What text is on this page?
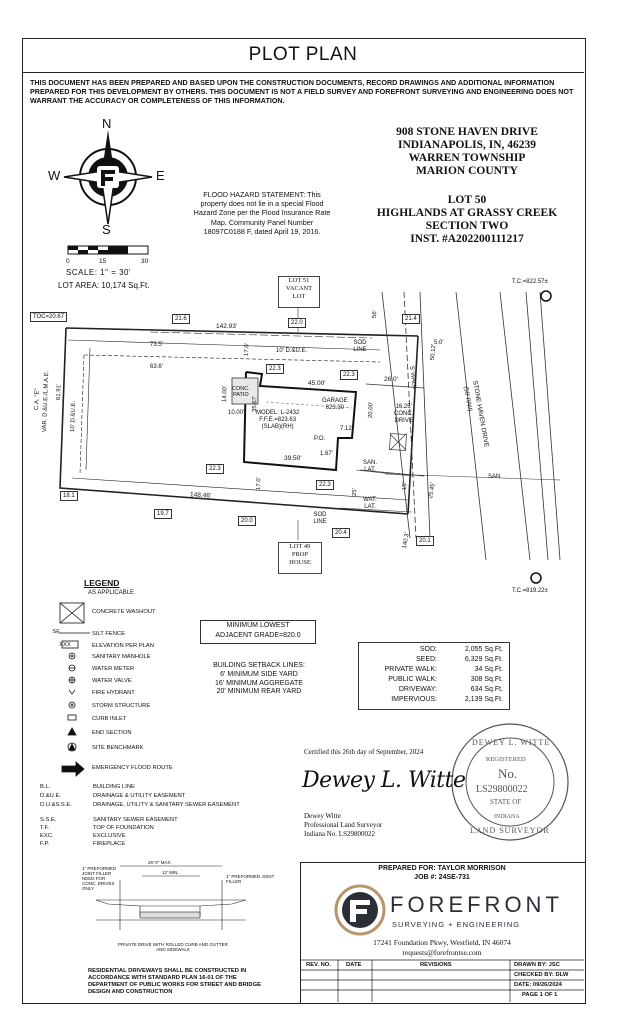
PLOT PLAN
THIS DOCUMENT HAS BEEN PREPARED AND BASED UPON THE CONSTRUCTION DOCUMENTS, RECORD DRAWINGS AND ADDITIONAL INFORMATION PREPARED FOR THIS DEVELOPMENT BY OTHERS. THIS DOCUMENT IS NOT A FIELD SURVEY AND FOREFRONT SURVEYING AND ENGINEERING DOES NOT WARRANT THE ACCURACY OR COMPLETENESS OF THIS INFORMATION.
908 STONE HAVEN DRIVE
INDIANAPOLIS, IN, 46239
WARREN TOWNSHIP
MARION COUNTY
LOT 50
HIGHLANDS AT GRASSY CREEK
SECTION TWO
INST. #A202200111217
FLOOD HAZARD STATEMENT: This
property does not lie in a special Flood
Hazard Zone per the Flood Insurance Rate
Map, Community Panel Number
18097C0188 F, dated April 19, 2016.
0	15	30
SCALE: 1" = 30'
LOT AREA: 10,174 Sq.Ft.
N
S
E
W
LOT 51
VACANT
LOT
LOT 49
PROP
HOUSE
TOC=20.67
T.C.=822.57±
T.C.=819.22±
STONE HAVEN DRIVE
(50' R/W)
21.6
22.0
21.4
22.3
22.3
22.3
22.3
18.1
19.7
20.0
20.4
20.1
142.93'
148.46'
73.5'
63.6'
61.91'
56'
5.0'
26.0'
45.00'
39.50'
35.67'
14.00'
10.00'
17.0'
17.0'
20.00'
7.12'
1.67'
25.45'
50.12'
140.3'
25'
15'
CONC.
PATIO
GARAGE
823.30
MODEL: L-2432
F.F.E.=823.63
(SLAB)(RH)
16.25'
CONC.
DRIVE
10' D.&U.E.
10' D.&U.E.
C.A. "E" VAR. D.&U.E./L.M.A.E.
SOD LINE
SOD LINE
SAN. LAT.
WAT. LAT.
SAN
5' WALK
P.O.
LEGEND
AS APPLICABLE
CONCRETE WASHOUT
SF	SILT FENCE
XXX	ELEVATION PER PLAN
SANITARY MANHOLE
WATER METER
WATER VALVE
FIRE HYDRANT
STORM STRUCTURE
CURB INLET
END SECTION
SITE BENCHMARK
EMERGENCY FLOOD ROUTE
B.L.	BUILDING LINE
D.&U.E.	DRAINAGE & UTILITY EASEMENT
D.U.&S.S.E.	DRAINAGE, UTILITY & SANITARY SEWER EASEMENT
S.S.E.	SANITARY SEWER EASEMENT
T.F.	TOP OF FOUNDATION
EXC.	EXCLUSIVE
F.P.	FIREPLACE
MINIMUM LOWEST
ADJACENT GRADE=820.0
BUILDING SETBACK LINES:
6' MINIMUM SIDE YARD
16' MINIMUM AGGREGATE
20' MINIMUM REAR YARD
SOD:	2,055 Sq.Ft.
SEED:	6,329 Sq.Ft.
PRIVATE WALK:	34 Sq.Ft.
PUBLIC WALK:	308 Sq.Ft.
DRIVEWAY:	634 Sq.Ft.
IMPERVIOUS:	2,139 Sq.Ft.
Certified this 26th day of September, 2024
Dewey L. Witte
Dewey Witte
Professional Land Surveyor
Indiana No. LS29800022
DEWEY L. WITTE
REGISTERED
No.
LS29800022
STATE OF
INDIANA
LAND SURVEYOR
PREPARED FOR: TAYLOR MORRISON
JOB #: 24SE-731
FOREFRONT
SURVEYING + ENGINEERING
17241 Foundation Pkwy, Westfield, IN 46074
requests@forefrontse.com
REV. NO.	DATE	REVISIONS	DRAWN BY: JSC
CHECKED BY: DLW
DATE: 09/26/2024
PAGE 1 OF 1
26'-0" MAX.
12' MIN.
1" PREFORMED JOINT FILLER NEED FOR CONC. DRIVES ONLY
1" PREFORMED JOINT FILLER
PRIVATE DRIVE WITH ROLLED CURB AND GUTTER AND SIDEWALK
RESIDENTIAL DRIVEWAYS SHALL BE CONSTRUCTED IN ACCORDANCE WITH STANDARD PLAN 16-01 OF THE DEPARTMENT OF PUBLIC WORKS FOR STREET AND BRIDGE DESIGN AND CONSTRUCTION
